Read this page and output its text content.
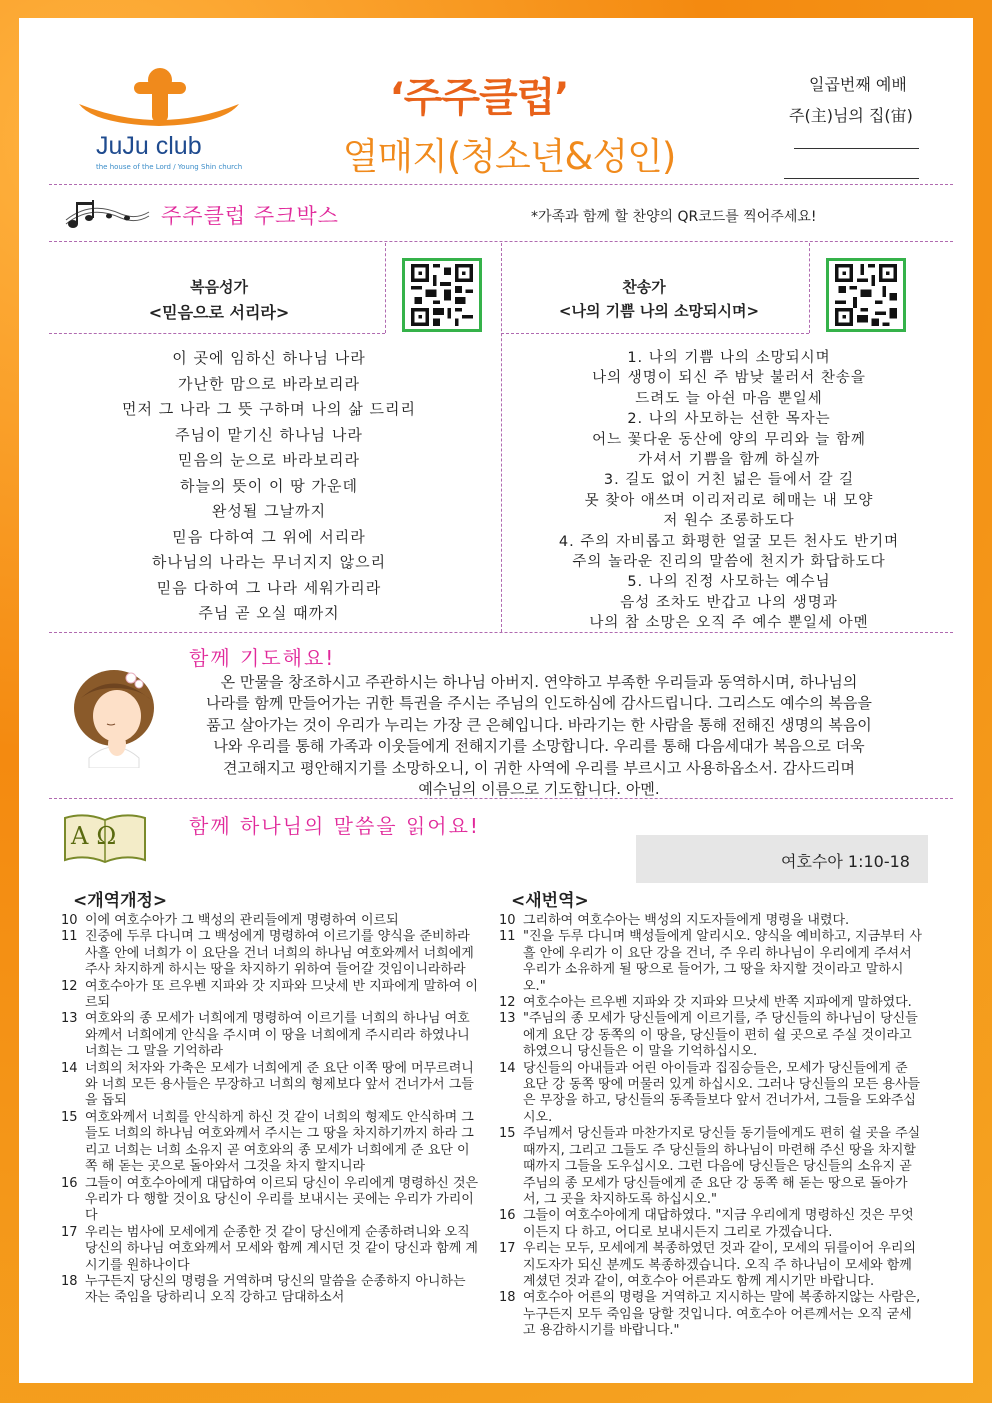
JuJu club
the house of the Lord / Young Shin church
‘주주클럽’
열매지(청소년&성인)
일곱번째 예배
주(主)님의 집(宙)
주주클럽 주크박스	*가족과 함께 할 찬양의 QR코드를 찍어주세요!
복음성가
<믿음으로 서리라>
이 곳에 임하신 하나님 나라
가난한 맘으로 바라보리라
먼저 그 나라 그 뜻 구하며 나의 삶 드리리
주님이 맡기신 하나님 나라
믿음의 눈으로 바라보리라
하늘의 뜻이 이 땅 가운데
완성될 그날까지
믿음 다하여 그 위에 서리라
하나님의 나라는 무너지지 않으리
믿음 다하여 그 나라 세워가리라
주님 곧 오실 때까지
찬송가
<나의 기쁨 나의 소망되시며>
1. 나의 기쁨 나의 소망되시며
나의 생명이 되신 주 밤낮 불러서 찬송을
드려도 늘 아쉰 마음 뿐일세
2. 나의 사모하는 선한 목자는
어느 꽃다운 동산에 양의 무리와 늘 함께
가셔서 기쁨을 함께 하실까
3. 길도 없이 거친 넓은 들에서 갈 길
못 찾아 애쓰며 이리저리로 헤매는 내 모양
저 원수 조롱하도다
4. 주의 자비롭고 화평한 얼굴 모든 천사도 반기며
주의 놀라운 진리의 말씀에 천지가 화답하도다
5. 나의 진정 사모하는 예수님
음성 조차도 반갑고 나의 생명과
나의 참 소망은 오직 주 예수 뿐일세 아멘
함께 기도해요!
온 만물을 창조하시고 주관하시는 하나님 아버지. 연약하고 부족한 우리들과 동역하시며, 하나님의
나라를 함께 만들어가는 귀한 특권을 주시는 주님의 인도하심에 감사드립니다. 그리스도 예수의 복음을
품고 살아가는 것이 우리가 누리는 가장 큰 은혜입니다. 바라기는 한 사람을 통해 전해진 생명의 복음이
나와 우리를 통해 가족과 이웃들에게 전해지기를 소망합니다. 우리를 통해 다음세대가 복음으로 더욱
견고해지고 평안해지기를 소망하오니, 이 귀한 사역에 우리를 부르시고 사용하옵소서. 감사드리며
예수님의 이름으로 기도합니다. 아멘.
ΑΩ	함께 하나님의 말씀을 읽어요!
여호수아 1:10-18
<개역개정>	<새번역>
10 이에 여호수아가 그 백성의 관리들에게 명령하여 이르되
11 진중에 두루 다니며 그 백성에게 명령하여 이르기를 양식을 준비하라 사흘 안에 너희가 이 요단을 건너 너희의 하나님 여호와께서 너희에게 주사 차지하게 하시는 땅을 차지하기 위하여 들어갈 것임이니라하라
12 여호수아가 또 르우벤 지파와 갓 지파와 므낫세 반 지파에게 말하여 이르되
13 여호와의 종 모세가 너희에게 명령하여 이르기를 너희의 하나님 여호와께서 너희에게 안식을 주시며 이 땅을 너희에게 주시리라 하였나니 너희는 그 말을 기억하라
14 너희의 처자와 가축은 모세가 너희에게 준 요단 이쪽 땅에 머무르려니와 너희 모든 용사들은 무장하고 너희의 형제보다 앞서 건너가서 그들을 돕되
15 여호와께서 너희를 안식하게 하신 것 같이 너희의 형제도 안식하며 그들도 너희의 하나님 여호와께서 주시는 그 땅을 차지하기까지 하라 그리고 너희는 너희 소유지 곧 여호와의 종 모세가 너희에게 준 요단 이쪽 해 돋는 곳으로 돌아와서 그것을 차지 할지니라
16 그들이 여호수아에게 대답하여 이르되 당신이 우리에게 명령하신 것은 우리가 다 행할 것이요 당신이 우리를 보내시는 곳에는 우리가 가리이다
17 우리는 범사에 모세에게 순종한 것 같이 당신에게 순종하려니와 오직 당신의 하나님 여호와께서 모세와 함께 계시던 것 같이 당신과 함께 계시기를 원하나이다
18 누구든지 당신의 명령을 거역하며 당신의 말씀을 순종하지 아니하는 자는 죽임을 당하리니 오직 강하고 담대하소서
10 그리하여 여호수아는 백성의 지도자들에게 명령을 내렸다.
11 "진을 두루 다니며 백성들에게 알리시오. 양식을 예비하고, 지금부터 사흘 안에 우리가 이 요단 강을 건너, 주 우리 하나님이 우리에게 주셔서 우리가 소유하게 될 땅으로 들어가, 그 땅을 차지할 것이라고 말하시오."
12 여호수아는 르우벤 지파와 갓 지파와 므낫세 반쪽 지파에게 말하였다.
13 "주님의 종 모세가 당신들에게 이르기를, 주 당신들의 하나님이 당신들에게 요단 강 동쪽의 이 땅을, 당신들이 편히 쉴 곳으로 주실 것이라고 하였으니 당신들은 이 말을 기억하십시오.
14 당신들의 아내들과 어린 아이들과 집짐승들은, 모세가 당신들에게 준 요단 강 동쪽 땅에 머물러 있게 하십시오. 그러나 당신들의 모든 용사들은 무장을 하고, 당신들의 동족들보다 앞서 건너가서, 그들을 도와주십시오.
15 주님께서 당신들과 마찬가지로 당신들 동기들에게도 편히 쉴 곳을 주실 때까지, 그리고 그들도 주 당신들의 하나님이 마련해 주신 땅을 차지할 때까지 그들을 도우십시오. 그런 다음에 당신들은 당신들의 소유지 곧 주님의 종 모세가 당신들에게 준 요단 강 동쪽 해 돋는 땅으로 돌아가서, 그 곳을 차지하도록 하십시오."
16 그들이 여호수아에게 대답하였다. "지금 우리에게 명령하신 것은 무엇이든지 다 하고, 어디로 보내시든지 그리로 가겠습니다.
17 우리는 모두, 모세에게 복종하였던 것과 같이, 모세의 뒤를이어 우리의 지도자가 되신 분께도 복종하겠습니다. 오직 주 하나님이 모세와 함께 계셨던 것과 같이, 여호수아 어른과도 함께 계시기만 바랍니다.
18 여호수아 어른의 명령을 거역하고 지시하는 말에 복종하지않는 사람은, 누구든지 모두 죽임을 당할 것입니다. 여호수아 어른께서는 오직 굳세고 용감하시기를 바랍니다."
